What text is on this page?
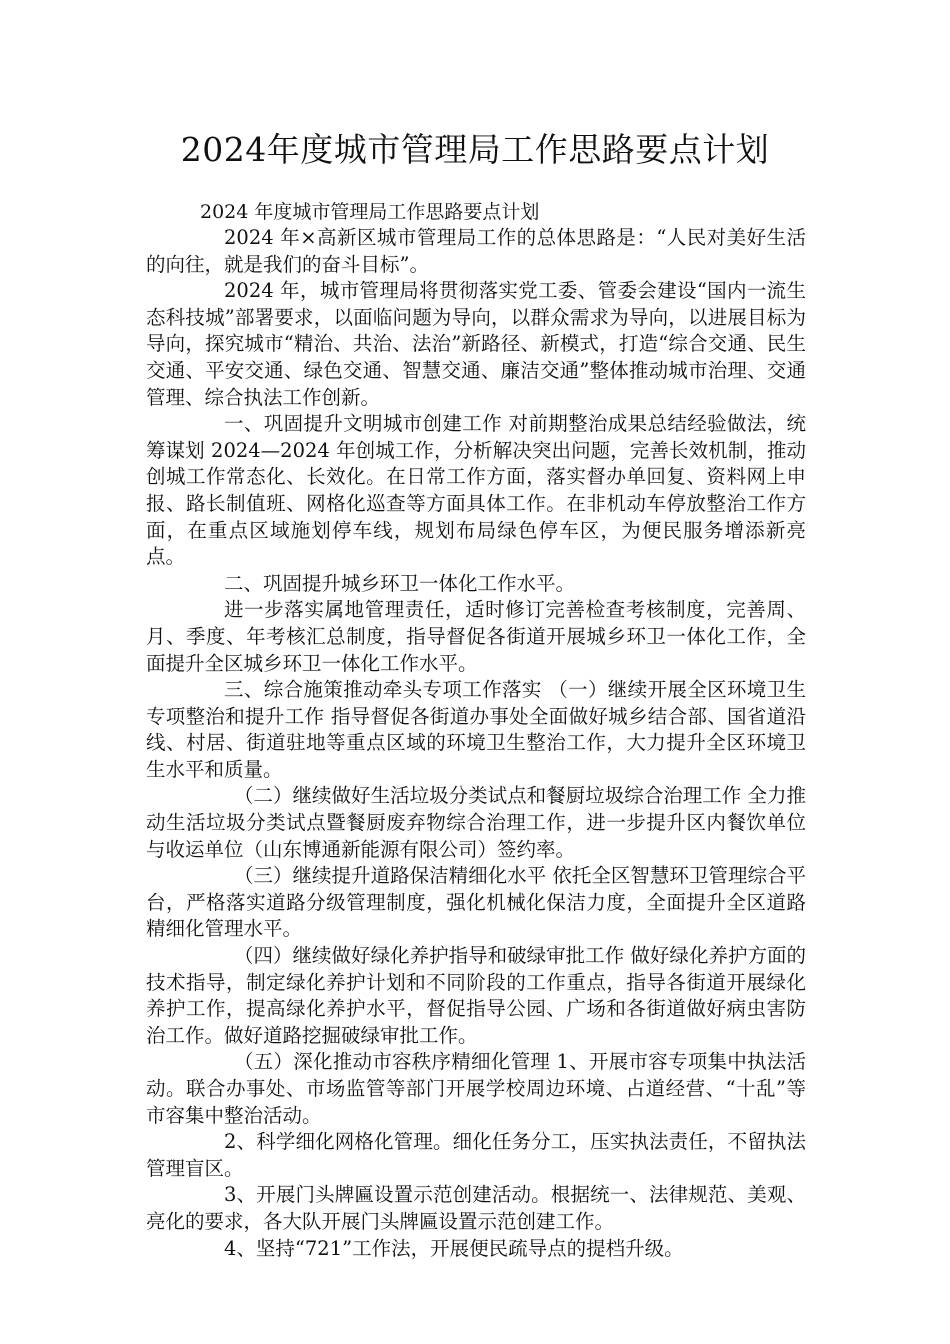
2024年度城市管理局工作思路要点计划

2024 年度城市管理局工作思路要点计划

2024 年×高新区城市管理局工作的总体思路是：“人民对美好生活的向往，就是我们的奋斗目标”。

2024 年，城市管理局将贯彻落实党工委、管委会建设“国内一流生态科技城”部署要求，以面临问题为导向，以群众需求为导向，以进展目标为导向，探究城市“精治、共治、法治”新路径、新模式，打造“综合交通、民生交通、平安交通、绿色交通、智慧交通、廉洁交通”整体推动城市治理、交通管理、综合执法工作创新。

一、巩固提升文明城市创建工作 对前期整治成果总结经验做法，统筹谋划 2024—2024 年创城工作，分析解决突出问题，完善长效机制，推动创城工作常态化、长效化。在日常工作方面，落实督办单回复、资料网上申报、路长制值班、网格化巡查等方面具体工作。在非机动车停放整治工作方面，在重点区域施划停车线，规划布局绿色停车区，为便民服务增添新亮点。

二、巩固提升城乡环卫一体化工作水平。

进一步落实属地管理责任，适时修订完善检查考核制度，完善周、月、季度、年考核汇总制度，指导督促各街道开展城乡环卫一体化工作，全面提升全区城乡环卫一体化工作水平。

三、综合施策推动牵头专项工作落实 （一）继续开展全区环境卫生专项整治和提升工作 指导督促各街道办事处全面做好城乡结合部、国省道沿线、村居、街道驻地等重点区域的环境卫生整治工作，大力提升全区环境卫生水平和质量。

（二）继续做好生活垃圾分类试点和餐厨垃圾综合治理工作 全力推动生活垃圾分类试点暨餐厨废弃物综合治理工作，进一步提升区内餐饮单位与收运单位（山东博通新能源有限公司）签约率。

（三）继续提升道路保洁精细化水平 依托全区智慧环卫管理综合平台，严格落实道路分级管理制度，强化机械化保洁力度，全面提升全区道路精细化管理水平。

（四）继续做好绿化养护指导和破绿审批工作 做好绿化养护方面的技术指导，制定绿化养护计划和不同阶段的工作重点，指导各街道开展绿化养护工作，提高绿化养护水平，督促指导公园、广场和各街道做好病虫害防治工作。做好道路挖掘破绿审批工作。

（五）深化推动市容秩序精细化管理 1、开展市容专项集中执法活动。联合办事处、市场监管等部门开展学校周边环境、占道经营、“十乱”等市容集中整治活动。

2、科学细化网格化管理。细化任务分工，压实执法责任，不留执法管理盲区。

3、开展门头牌匾设置示范创建活动。根据统一、法律规范、美观、亮化的要求，各大队开展门头牌匾设置示范创建工作。

4、坚持“721”工作法，开展便民疏导点的提档升级。
